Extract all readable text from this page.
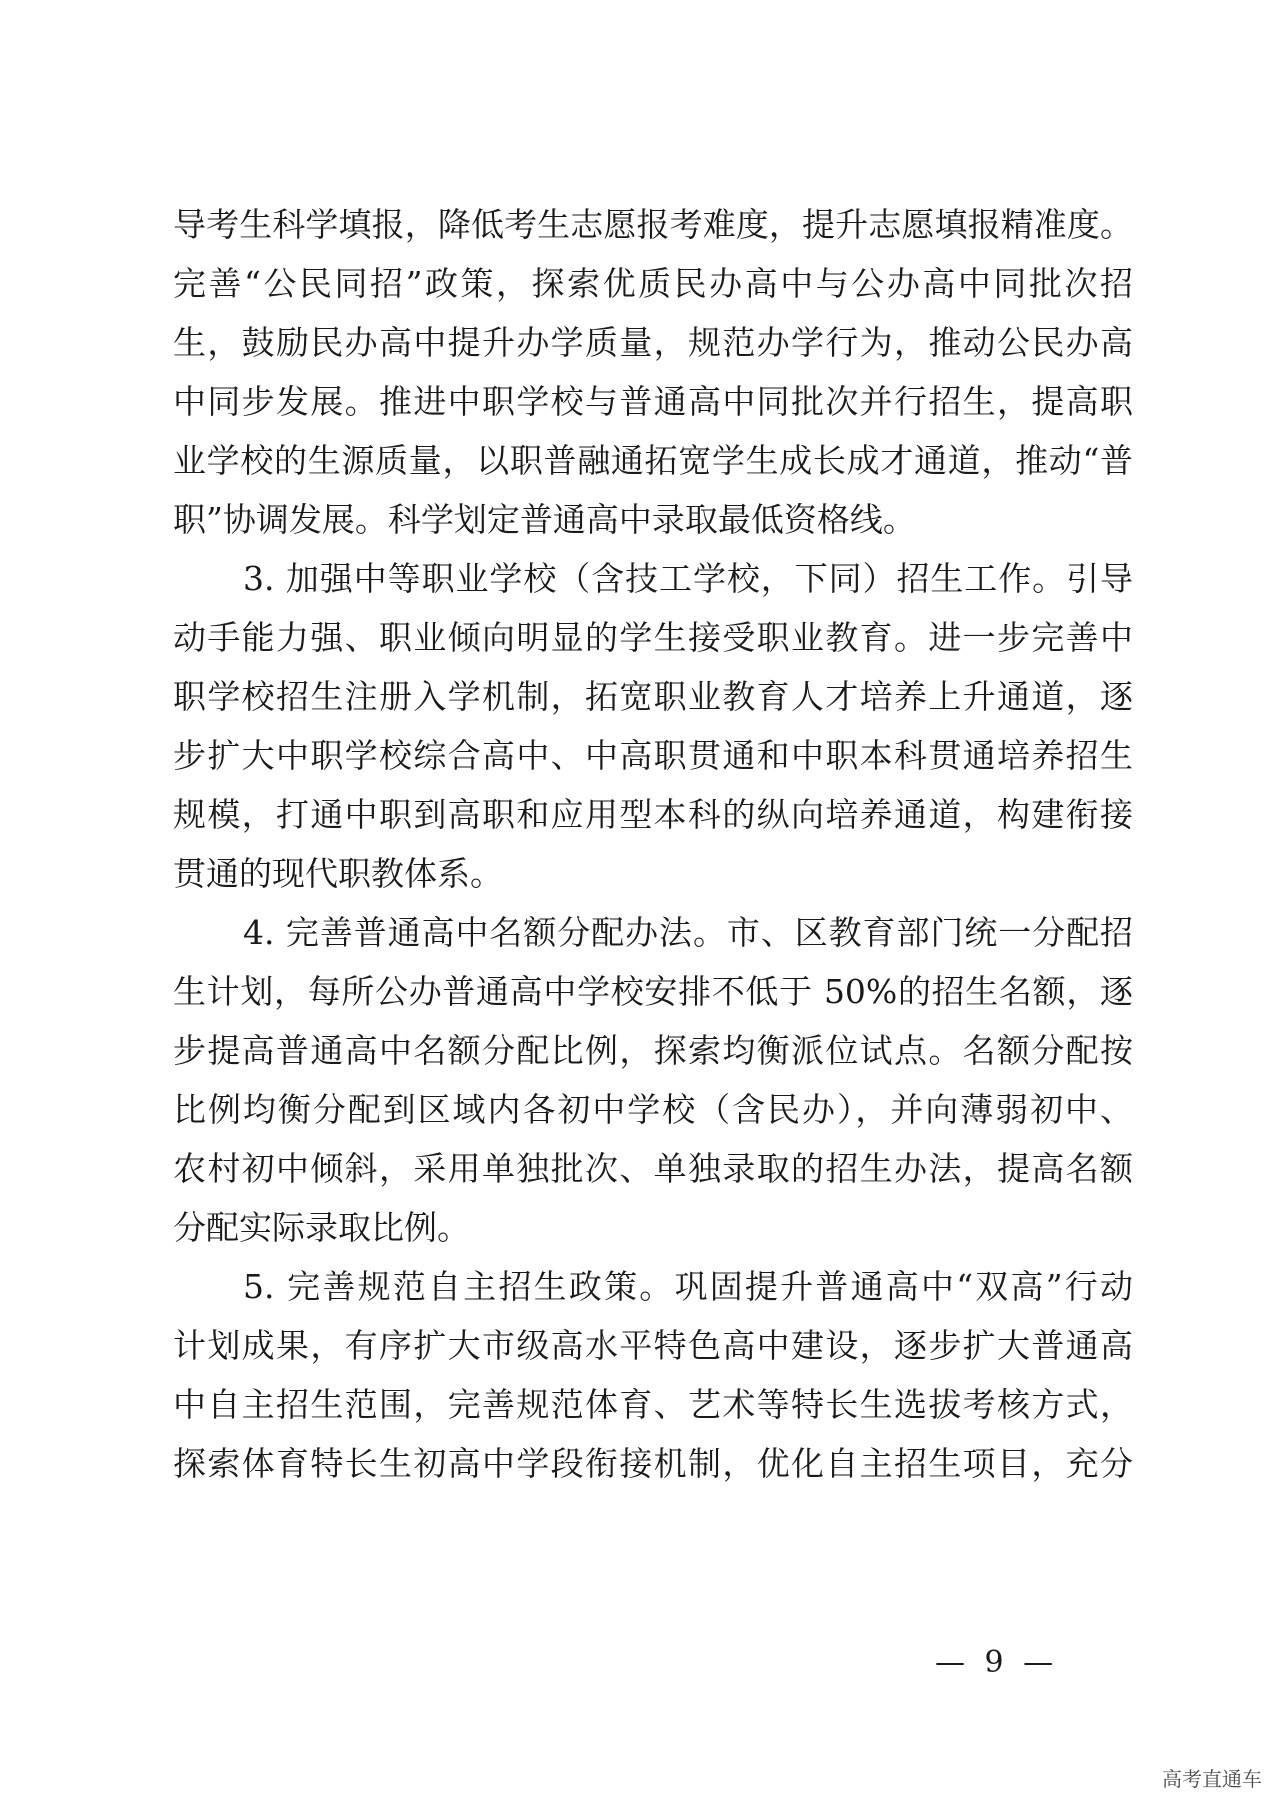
导考生科学填报，降低考生志愿报考难度，提升志愿填报精准度。
完善“公民同招”政策，探索优质民办高中与公办高中同批次招
生，鼓励民办高中提升办学质量，规范办学行为，推动公民办高
中同步发展。推进中职学校与普通高中同批次并行招生，提高职
业学校的生源质量，以职普融通拓宽学生成长成才通道，推动“普
职”协调发展。科学划定普通高中录取最低资格线。
3. 加强中等职业学校（含技工学校，下同）招生工作。引导
动手能力强、职业倾向明显的学生接受职业教育。进一步完善中
职学校招生注册入学机制，拓宽职业教育人才培养上升通道，逐
步扩大中职学校综合高中、中高职贯通和中职本科贯通培养招生
规模，打通中职到高职和应用型本科的纵向培养通道，构建衔接
贯通的现代职教体系。
4. 完善普通高中名额分配办法。市、区教育部门统一分配招
生计划，每所公办普通高中学校安排不低于 50%的招生名额，逐
步提高普通高中名额分配比例，探索均衡派位试点。名额分配按
比例均衡分配到区域内各初中学校（含民办），并向薄弱初中、
农村初中倾斜，采用单独批次、单独录取的招生办法，提高名额
分配实际录取比例。
5. 完善规范自主招生政策。巩固提升普通高中“双高”行动
计划成果，有序扩大市级高水平特色高中建设，逐步扩大普通高
中自主招生范围，完善规范体育、艺术等特长生选拔考核方式，
探索体育特长生初高中学段衔接机制，优化自主招生项目，充分
— 9 —
高考直通车
